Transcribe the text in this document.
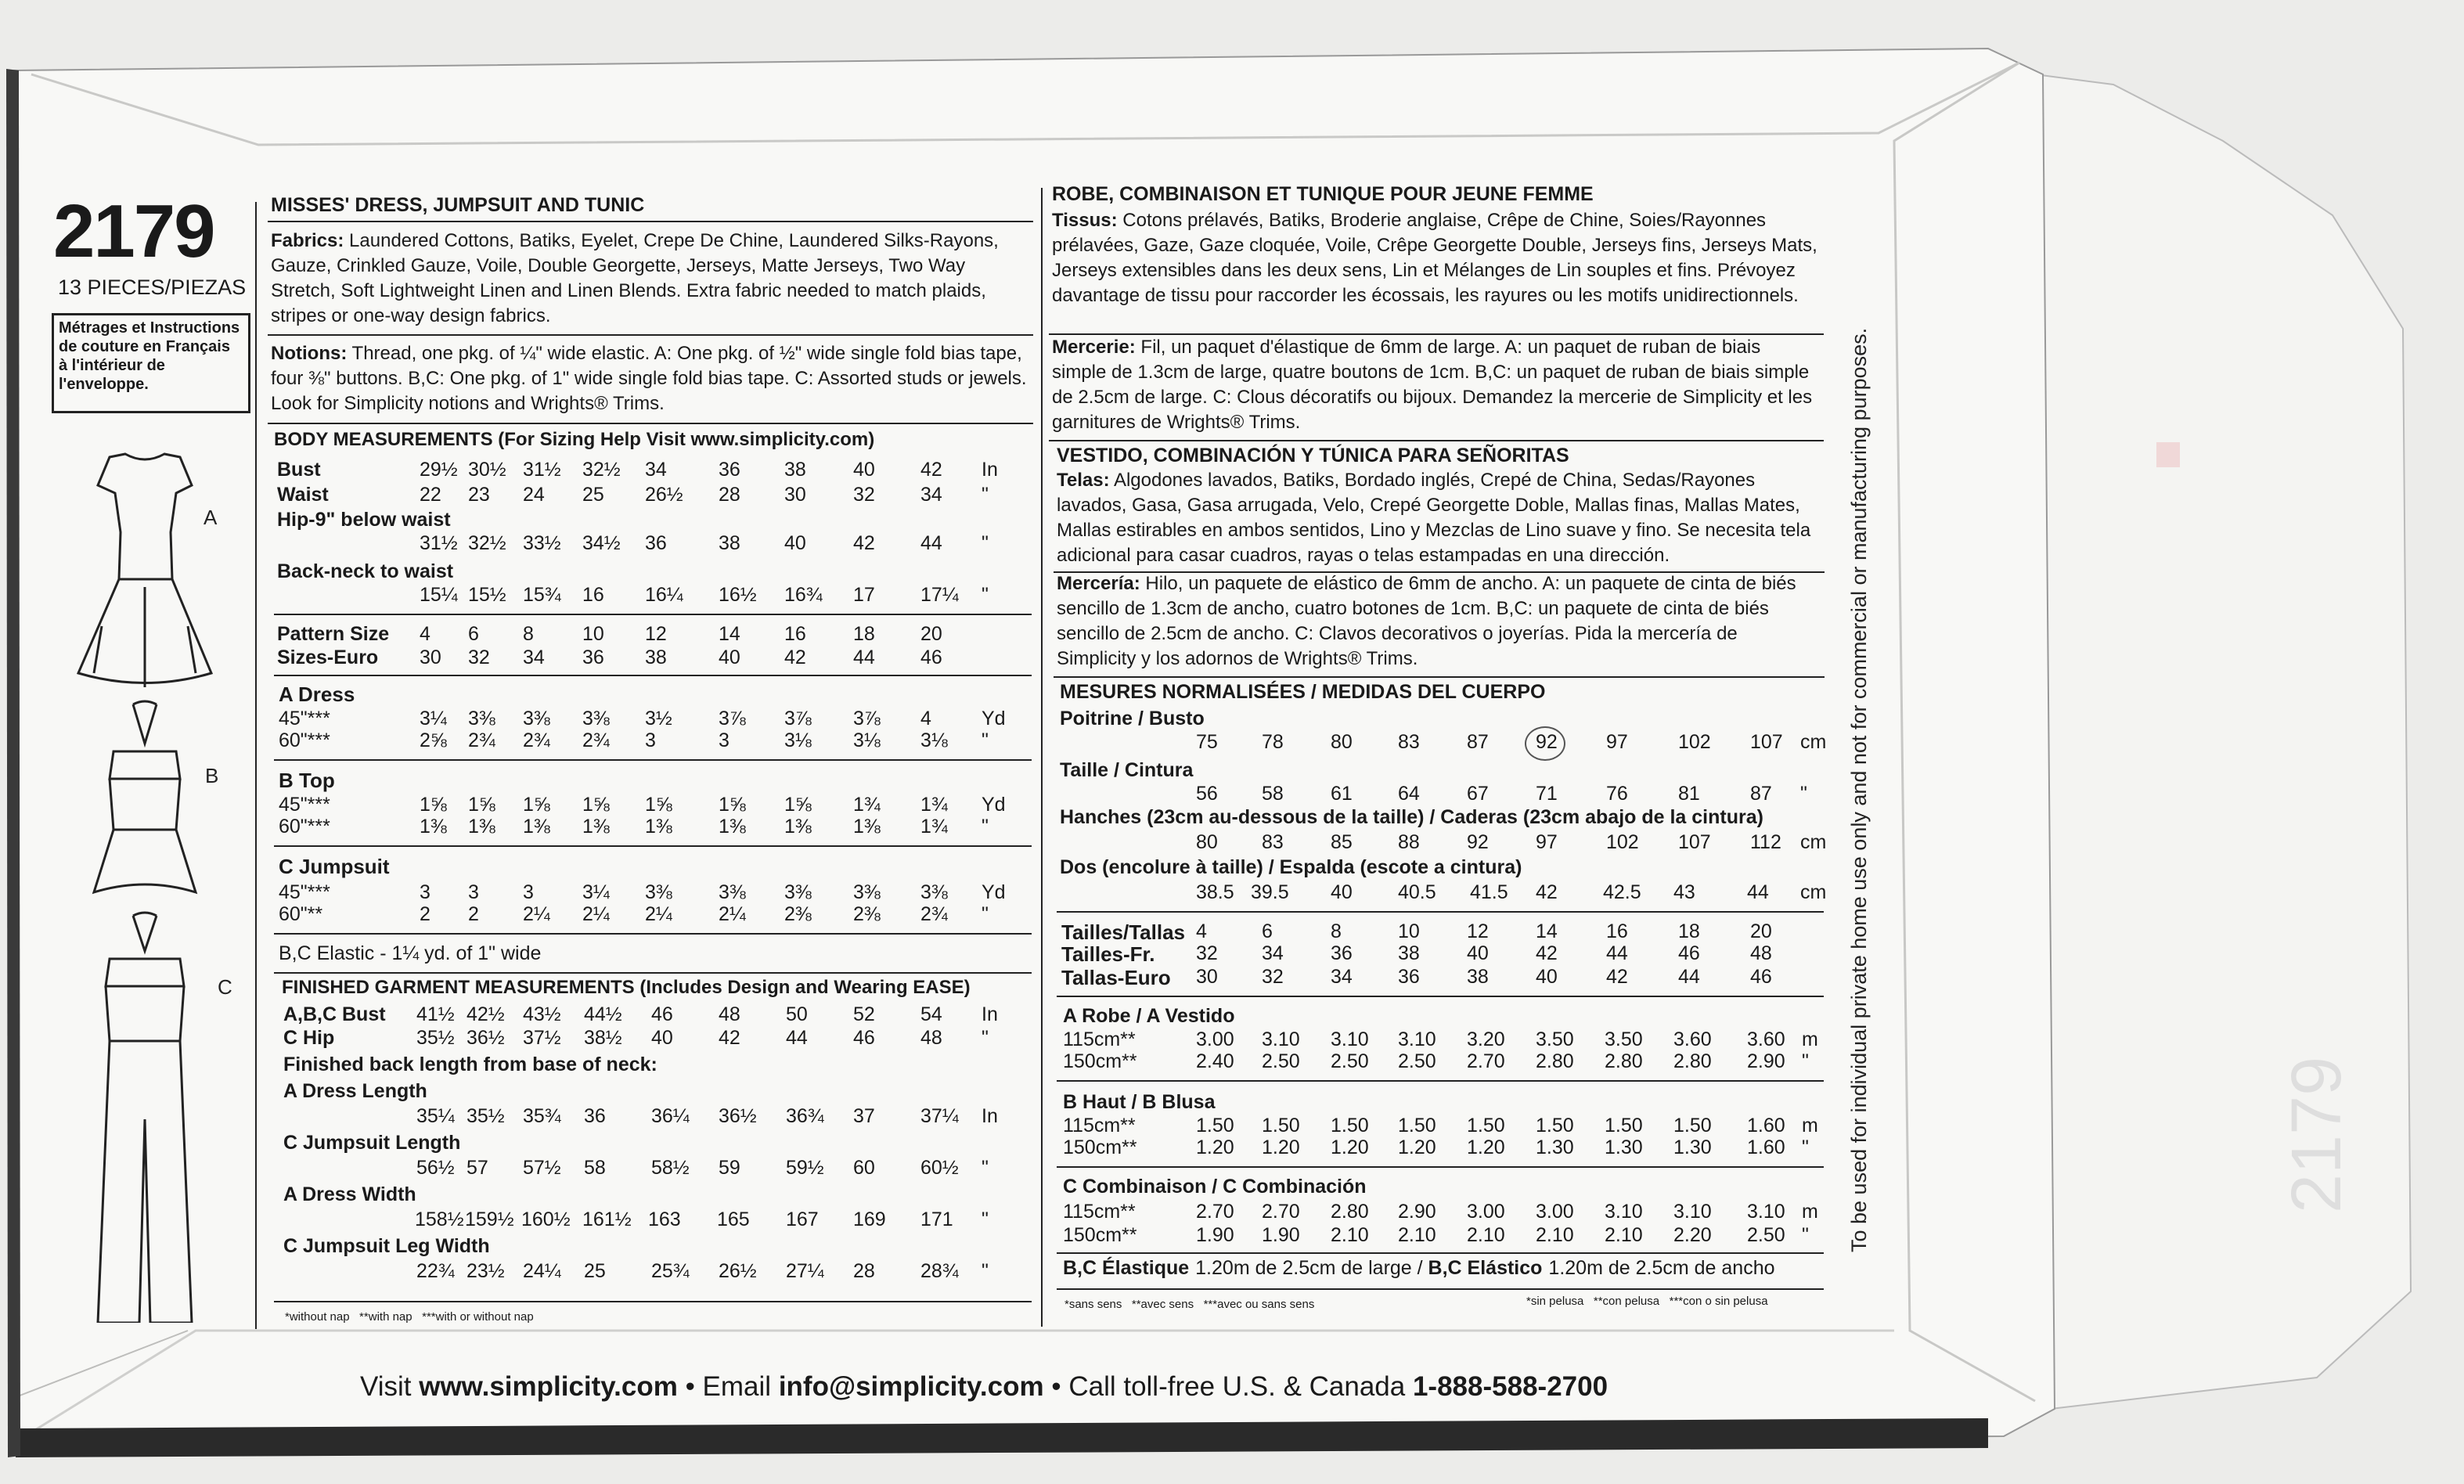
2179
2179
13 PIECES/PIEZAS
Métrages et Instructions
de couture en Français
à l'intérieur de
l'enveloppe.
A
B
C
MISSES' DRESS, JUMPSUIT AND TUNIC
Fabrics: Laundered Cottons, Batiks, Eyelet, Crepe De Chine, Laundered Silks-Rayons, Gauze, Crinkled Gauze, Voile, Double Georgette, Jerseys, Matte Jerseys, Two Way Stretch, Soft Lightweight Linen and Linen Blends. Extra fabric needed to match plaids, stripes or one-way design fabrics.
Notions: Thread, one pkg. of ¼" wide elastic. A: One pkg. of ½" wide single fold bias tape, four ⅜" buttons. B,C: One pkg. of 1" wide single fold bias tape. C: Assorted studs or jewels. Look for Simplicity notions and Wrights® Trims.
BODY MEASUREMENTS (For Sizing Help Visit www.simplicity.com)
ROBE, COMBINAISON ET TUNIQUE POUR JEUNE FEMME
Tissus: Cotons prélavés, Batiks, Broderie anglaise, Crêpe de Chine, Soies/Rayonnes prélavées, Gaze, Gaze cloquée, Voile, Crêpe Georgette Double, Jerseys fins, Jerseys Mats, Jerseys extensibles dans les deux sens, Lin et Mélanges de Lin souples et fins. Prévoyez davantage de tissu pour raccorder les écossais, les rayures ou les motifs unidirectionnels.
Mercerie: Fil, un paquet d'élastique de 6mm de large. A: un paquet de ruban de biais simple de 1.3cm de large, quatre boutons de 1cm. B,C: un paquet de ruban de biais simple de 2.5cm de large. C: Clous décoratifs ou bijoux. Demandez la mercerie de Simplicity et les garnitures de Wrights® Trims.
VESTIDO, COMBINACIÓN Y TÚNICA PARA SEÑORITAS
Telas: Algodones lavados, Batiks, Bordado inglés, Crepé de China, Sedas/Rayones lavados, Gasa, Gasa arrugada, Velo, Crepé Georgette Doble, Mallas finas, Mallas Mates, Mallas estirables en ambos sentidos, Lino y Mezclas de Lino suave y fino. Se necesita tela adicional para casar cuadros, rayas o telas estampadas en una dirección.
Mercería: Hilo, un paquete de elástico de 6mm de ancho. A: un paquete de cinta de biés sencillo de 1.3cm de ancho, cuatro botones de 1cm. B,C: un paquete de cinta de biés sencillo de 2.5cm de ancho. C: Clavos decorativos o joyerías. Pida la mercería de Simplicity y los adornos de Wrights® Trims.
MESURES NORMALISÉES / MEDIDAS DEL CUERPO	To be used for individual private home use only and not for commercial or manufacturing purposes.
Visit www.simplicity.com • Email info@simplicity.com • Call toll-free U.S. & Canada 1-888-588-2700
Bust	29½ 30½ 31½ 32½ 34	36 38 40 42 In
Waist	22 23 24 25 26½ 28 30 32 34 "
Hip-9" below waist
31½ 32½ 33½ 34½ 36	38 40 42 44 "
Back-neck to waist
15¼ 15½ 15¾ 16 16¼ 16½ 16¾ 17 17¼ "
Pattern Size 4 6 8 10 12	14 16 18 20
Sizes-Euro 30 32 34 36 38	40 42 44 46
A Dress
45"***	3¼ 3⅜ 3⅜ 3⅜ 3½ 3⅞ 3⅞ 3⅞ 4	Yd
60"***	2⅝ 2¾ 2¾ 2¾ 3	3	3⅛ 3⅛ 3⅛ "
B Top
45"***	1⅝ 1⅝ 1⅝ 1⅝ 1⅝ 1⅝ 1⅝ 1¾ 1¾ Yd
60"***	1⅜ 1⅜ 1⅜ 1⅜ 1⅜ 1⅜ 1⅜ 1⅜ 1¾ "
C Jumpsuit
45"***	3 3 3 3¼ 3⅜ 3⅜ 3⅜ 3⅜ 3⅜ Yd
60"**	2 2 2¼ 2¼ 2¼ 2¼ 2⅜ 2⅜ 2¾ "
B,C Elastic - 1¼ yd. of 1" wide
FINISHED GARMENT MEASUREMENTS (Includes Design and Wearing EASE)
A,B,C Bust 41½ 42½ 43½ 44½ 46 48 50 52 54 In
C Hip	35½ 36½ 37½ 38½ 40 42 44 46 48 "
Finished back length from base of neck:
A Dress Length
35¼ 35½ 35¾ 36 36¼ 36½ 36¾ 37 37¼ In
C Jumpsuit Length
56½ 57 57½ 58 58½ 59 59½ 60 60½ "
A Dress Width
158½ 159½ 160½ 161½ 163 165 167 169 171 "
C Jumpsuit Leg Width
22¾ 23½ 24¼ 25 25¾ 26½ 27¼ 28 28¾ "
*without nap   **with nap   ***with or without nap
Poitrine / Busto
75 78 80 83 87 92 97	102 107 cm
Taille / Cintura
56 58 61 64 67 71 76	81	87 "
Hanches (23cm au-dessous de la taille) / Caderas (23cm abajo de la cintura)
80 83 85 88 92 97 102 107 112 cm
Dos (encolure à taille) / Espalda (escote a cintura)
38.5 39.5 40 40.5 41.5 42 42.5 43	44 cm
Tailles/Tallas 4	6	8	10 12 14 16	18	20
Tailles-Fr. 32 34 36 38 40 42 44	46	48
Tallas-Euro 30 32 34 36 38 40 42	44	46
A Robe / A Vestido
115cm**	3.00 3.10 3.10 3.10 3.20 3.50 3.50 3.60 3.60 m
150cm**	2.40 2.50 2.50 2.50 2.70 2.80 2.80 2.80 2.90 "
B Haut / B Blusa
115cm**	1.50 1.50 1.50 1.50 1.50 1.50 1.50 1.50 1.60 m
150cm**	1.20 1.20 1.20 1.20 1.20 1.30 1.30 1.30 1.60 "
C Combinaison / C Combinación
115cm**	2.70 2.70 2.80 2.90 3.00 3.00 3.10 3.10 3.10 m
150cm**	1.90 1.90 2.10 2.10 2.10 2.10 2.10 2.20 2.50 "
B,C Élastique 1.20m de 2.5cm de large / B,C Elástico 1.20m de 2.5cm de ancho
*sans sens   **avec sens   ***avec ou sans sens	*sin pelusa   **con pelusa   ***con o sin pelusa
